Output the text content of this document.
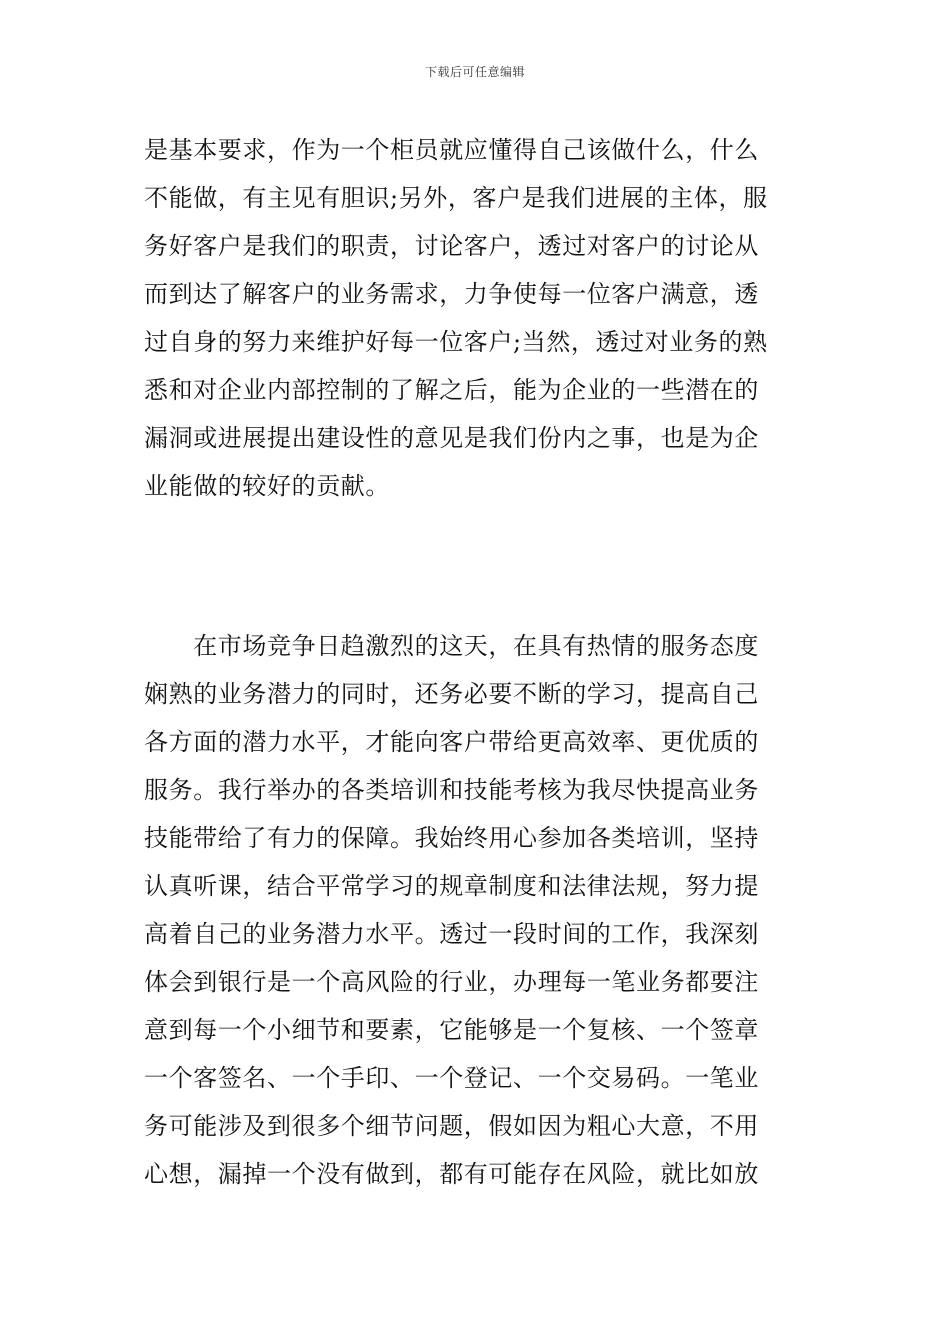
下载后可任意编辑
是基本要求，作为一个柜员就应懂得自己该做什么，什么
不能做，有主见有胆识;另外，客户是我们进展的主体，服
务好客户是我们的职责，讨论客户，透过对客户的讨论从
而到达了解客户的业务需求，力争使每一位客户满意，透
过自身的努力来维护好每一位客户;当然，透过对业务的熟
悉和对企业内部控制的了解之后，能为企业的一些潜在的
漏洞或进展提出建设性的意见是我们份内之事，也是为企
业能做的较好的贡献。
　　在市场竞争日趋激烈的这天，在具有热情的服务态度
娴熟的业务潜力的同时，还务必要不断的学习，提高自己
各方面的潜力水平，才能向客户带给更高效率、更优质的
服务。我行举办的各类培训和技能考核为我尽快提高业务
技能带给了有力的保障。我始终用心参加各类培训，坚持
认真听课，结合平常学习的规章制度和法律法规，努力提
高着自己的业务潜力水平。透过一段时间的工作，我深刻
体会到银行是一个高风险的行业，办理每一笔业务都要注
意到每一个小细节和要素，它能够是一个复核、一个签章
一个客签名、一个手印、一个登记、一个交易码。一笔业
务可能涉及到很多个细节问题，假如因为粗心大意，不用
心想，漏掉一个没有做到，都有可能存在风险，就比如放
